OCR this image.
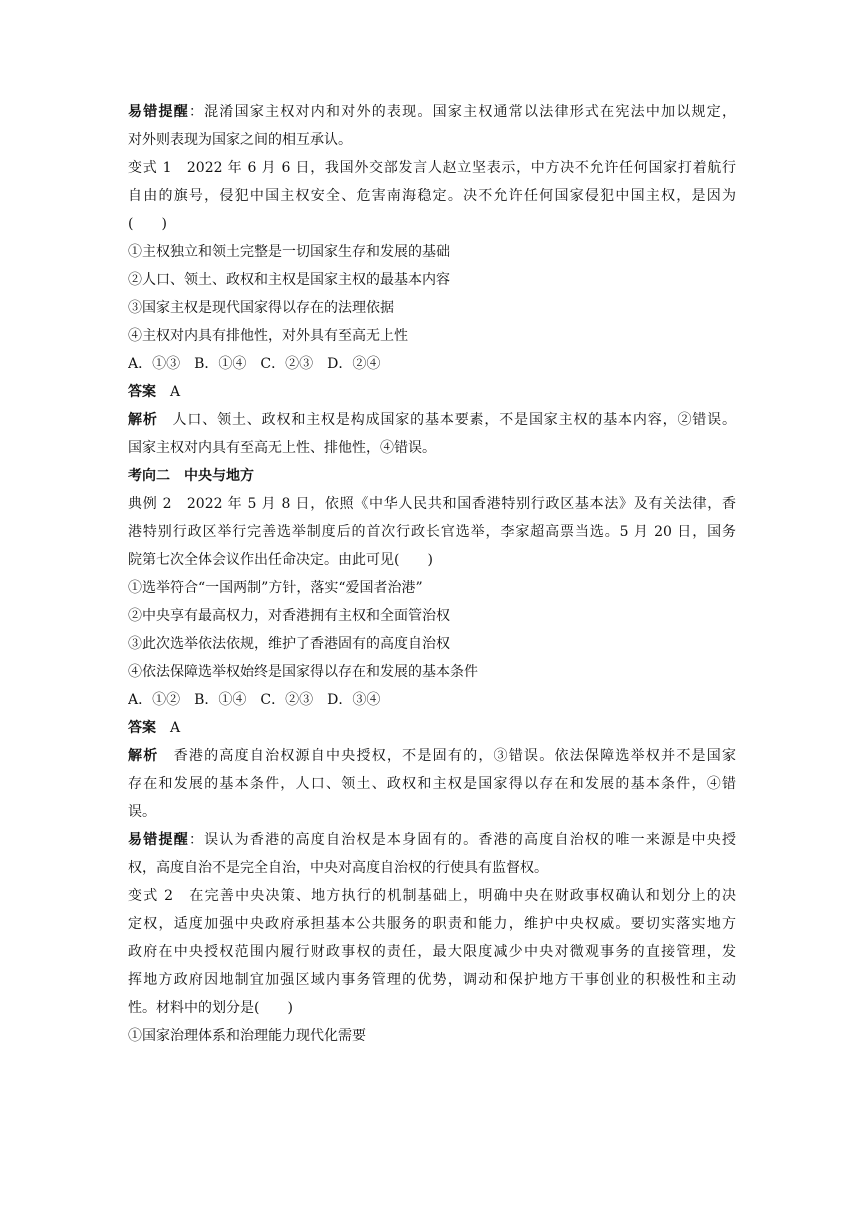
易错提醒：混淆国家主权对内和对外的表现。国家主权通常以法律形式在宪法中加以规定，
对外则表现为国家之间的相互承认。
变式 1　2022 年 6 月 6 日，我国外交部发言人赵立坚表示，中方决不允许任何国家打着航行
自由的旗号，侵犯中国主权安全、危害南海稳定。决不允许任何国家侵犯中国主权，是因为
(　　)
①主权独立和领土完整是一切国家生存和发展的基础
②人口、领土、政权和主权是国家主权的最基本内容
③国家主权是现代国家得以存在的法理依据
④主权对内具有排他性，对外具有至高无上性
A．①③　B．①④　C．②③　D．②④
答案 A
解析 人口、领土、政权和主权是构成国家的基本要素，不是国家主权的基本内容，②错误。
国家主权对内具有至高无上性、排他性，④错误。
考向二 中央与地方
典例 2　2022 年 5 月 8 日，依照《中华人民共和国香港特别行政区基本法》及有关法律，香
港特别行政区举行完善选举制度后的首次行政长官选举，李家超高票当选。5 月 20 日，国务
院第七次全体会议作出任命决定。由此可见(　　)
①选举符合“一国两制”方针，落实“爱国者治港”
②中央享有最高权力，对香港拥有主权和全面管治权
③此次选举依法依规，维护了香港固有的高度自治权
④依法保障选举权始终是国家得以存在和发展的基本条件
A．①②　B．①④　C．②③　D．③④
答案 A
解析 香港的高度自治权源自中央授权，不是固有的，③错误。依法保障选举权并不是国家
存在和发展的基本条件，人口、领土、政权和主权是国家得以存在和发展的基本条件，④错
误。
易错提醒：误认为香港的高度自治权是本身固有的。香港的高度自治权的唯一来源是中央授
权，高度自治不是完全自治，中央对高度自治权的行使具有监督权。
变式 2　在完善中央决策、地方执行的机制基础上，明确中央在财政事权确认和划分上的决
定权，适度加强中央政府承担基本公共服务的职责和能力，维护中央权威。要切实落实地方
政府在中央授权范围内履行财政事权的责任，最大限度减少中央对微观事务的直接管理，发
挥地方政府因地制宜加强区域内事务管理的优势，调动和保护地方干事创业的积极性和主动
性。材料中的划分是(　　)
①国家治理体系和治理能力现代化需要
